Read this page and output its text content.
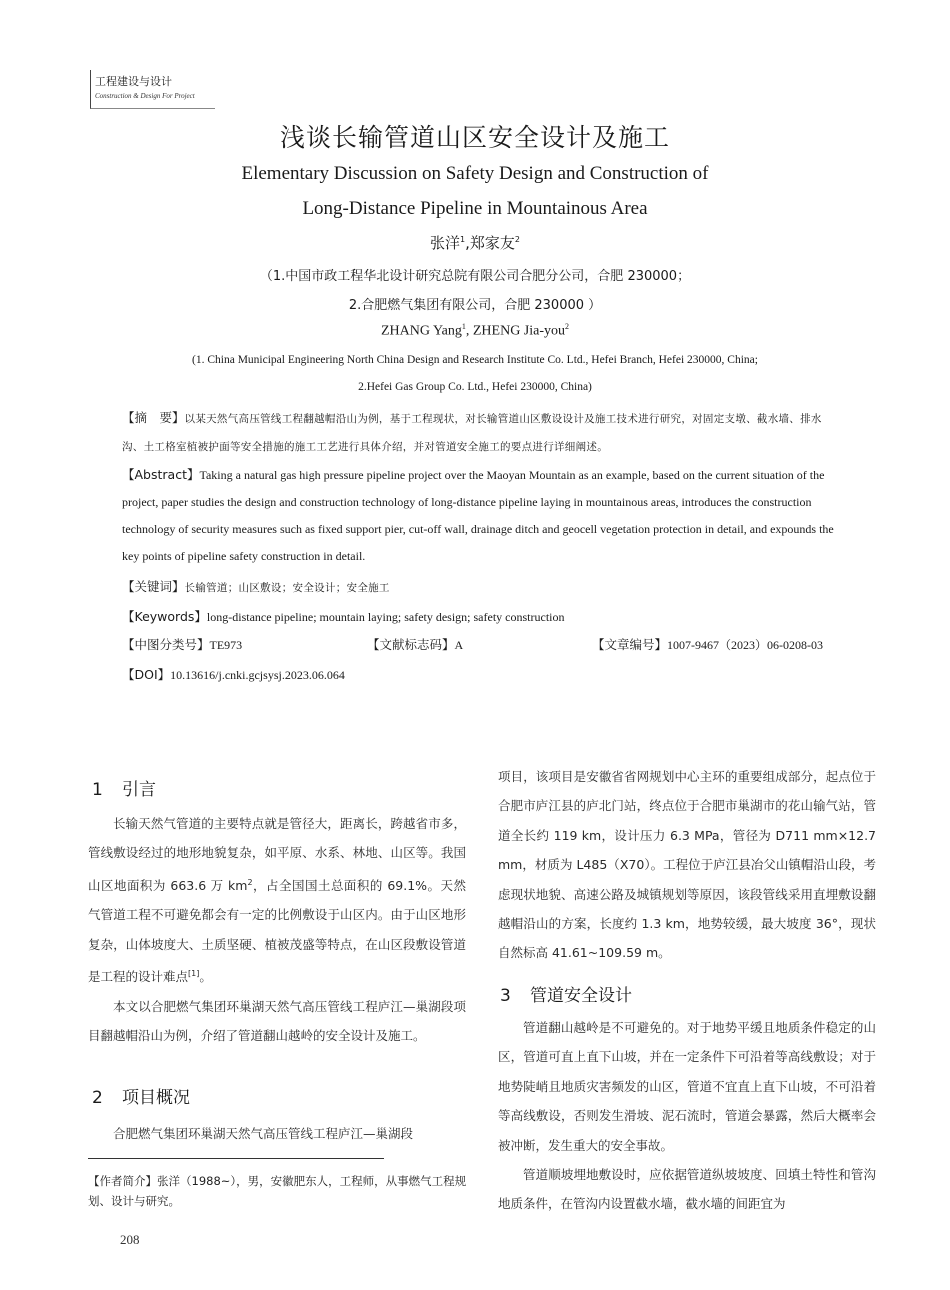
工程建设与设计
Construction & Design For Project
浅谈长输管道山区安全设计及施工
Elementary Discussion on Safety Design and Construction of
Long-Distance Pipeline in Mountainous Area
张洋$^1$,郑家友$^2$
（1.中国市政工程华北设计研究总院有限公司合肥分公司，合肥 230000；
2.合肥燃气集团有限公司，合肥 230000 ）
ZHANG Yang$^1$, ZHENG Jia-you$^2$
(1. China Municipal Engineering North China Design and Research Institute Co. Ltd., Hefei Branch, Hefei 230000, China;
2.Hefei Gas Group Co. Ltd., Hefei 230000, China)
【摘　要】以某天然气高压管线工程翻越帽沿山为例，基于工程现状，对长输管道山区敷设设计及施工技术进行研究，对固定支墩、截水墙、排水沟、土工格室植被护面等安全措施的施工工艺进行具体介绍，并对管道安全施工的要点进行详细阐述。
【Abstract】Taking a natural gas high pressure pipeline project over the Maoyan Mountain as an example, based on the current situation of the project, paper studies the design and construction technology of long-distance pipeline laying in mountainous areas, introduces the construction technology of security measures such as fixed support pier, cut-off wall, drainage ditch and geocell vegetation protection in detail, and expounds the key points of pipeline safety construction in detail.
【关键词】长输管道；山区敷设；安全设计；安全施工
【Keywords】long-distance pipeline; mountain laying; safety design; safety construction
【中图分类号】TE973	【文献标志码】A	【文章编号】1007-9467（2023）06-0208-03
【DOI】10.13616/j.cnki.gcjsysj.2023.06.064
1 引言

长输天然气管道的主要特点就是管径大，距离长，跨越省市多，管线敷设经过的地形地貌复杂，如平原、水系、林地、山区等。我国山区地面积为 663.6 万 $km^2$，占全国国土总面积的 69.1%。天然气管道工程不可避免都会有一定的比例敷设于山区内。由于山区地形复杂，山体坡度大、土质坚硬、植被茂盛等特点，在山区段敷设管道是工程的设计难点[1]。

本文以合肥燃气集团环巢湖天然气高压管线工程庐江—巢湖段项目翻越帽沿山为例，介绍了管道翻山越岭的安全设计及施工。

2 项目概况

合肥燃气集团环巢湖天然气高压管线工程庐江—巢湖段

项目，该项目是安徽省省网规划中心主环的重要组成部分，起点位于合肥市庐江县的庐北门站，终点位于合肥市巢湖市的花山输气站，管道全长约 119 km，设计压力 6.3 MPa，管径为 D711 mm×12.7 mm，材质为 L485（X70）。工程位于庐江县冶父山镇帽沿山段，考虑现状地貌、高速公路及城镇规划等原因，该段管线采用直埋敷设翻越帽沿山的方案，长度约 1.3 km，地势较缓，最大坡度 36°，现状自然标高 41.61~109.59 m。

3 管道安全设计

管道翻山越岭是不可避免的。对于地势平缓且地质条件稳定的山区，管道可直上直下山坡，并在一定条件下可沿着等高线敷设；对于地势陡峭且地质灾害频发的山区，管道不宜直上直下山坡，不可沿着等高线敷设，否则发生滑坡、泥石流时，管道会暴露，然后大概率会被冲断，发生重大的安全事故。

管道顺坡埋地敷设时，应依据管道纵坡坡度、回填土特性和管沟地质条件，在管沟内设置截水墙，截水墙的间距宜为

【作者简介】张洋（1988~），男，安徽肥东人，工程师，从事燃气工程规划、设计与研究。
208
